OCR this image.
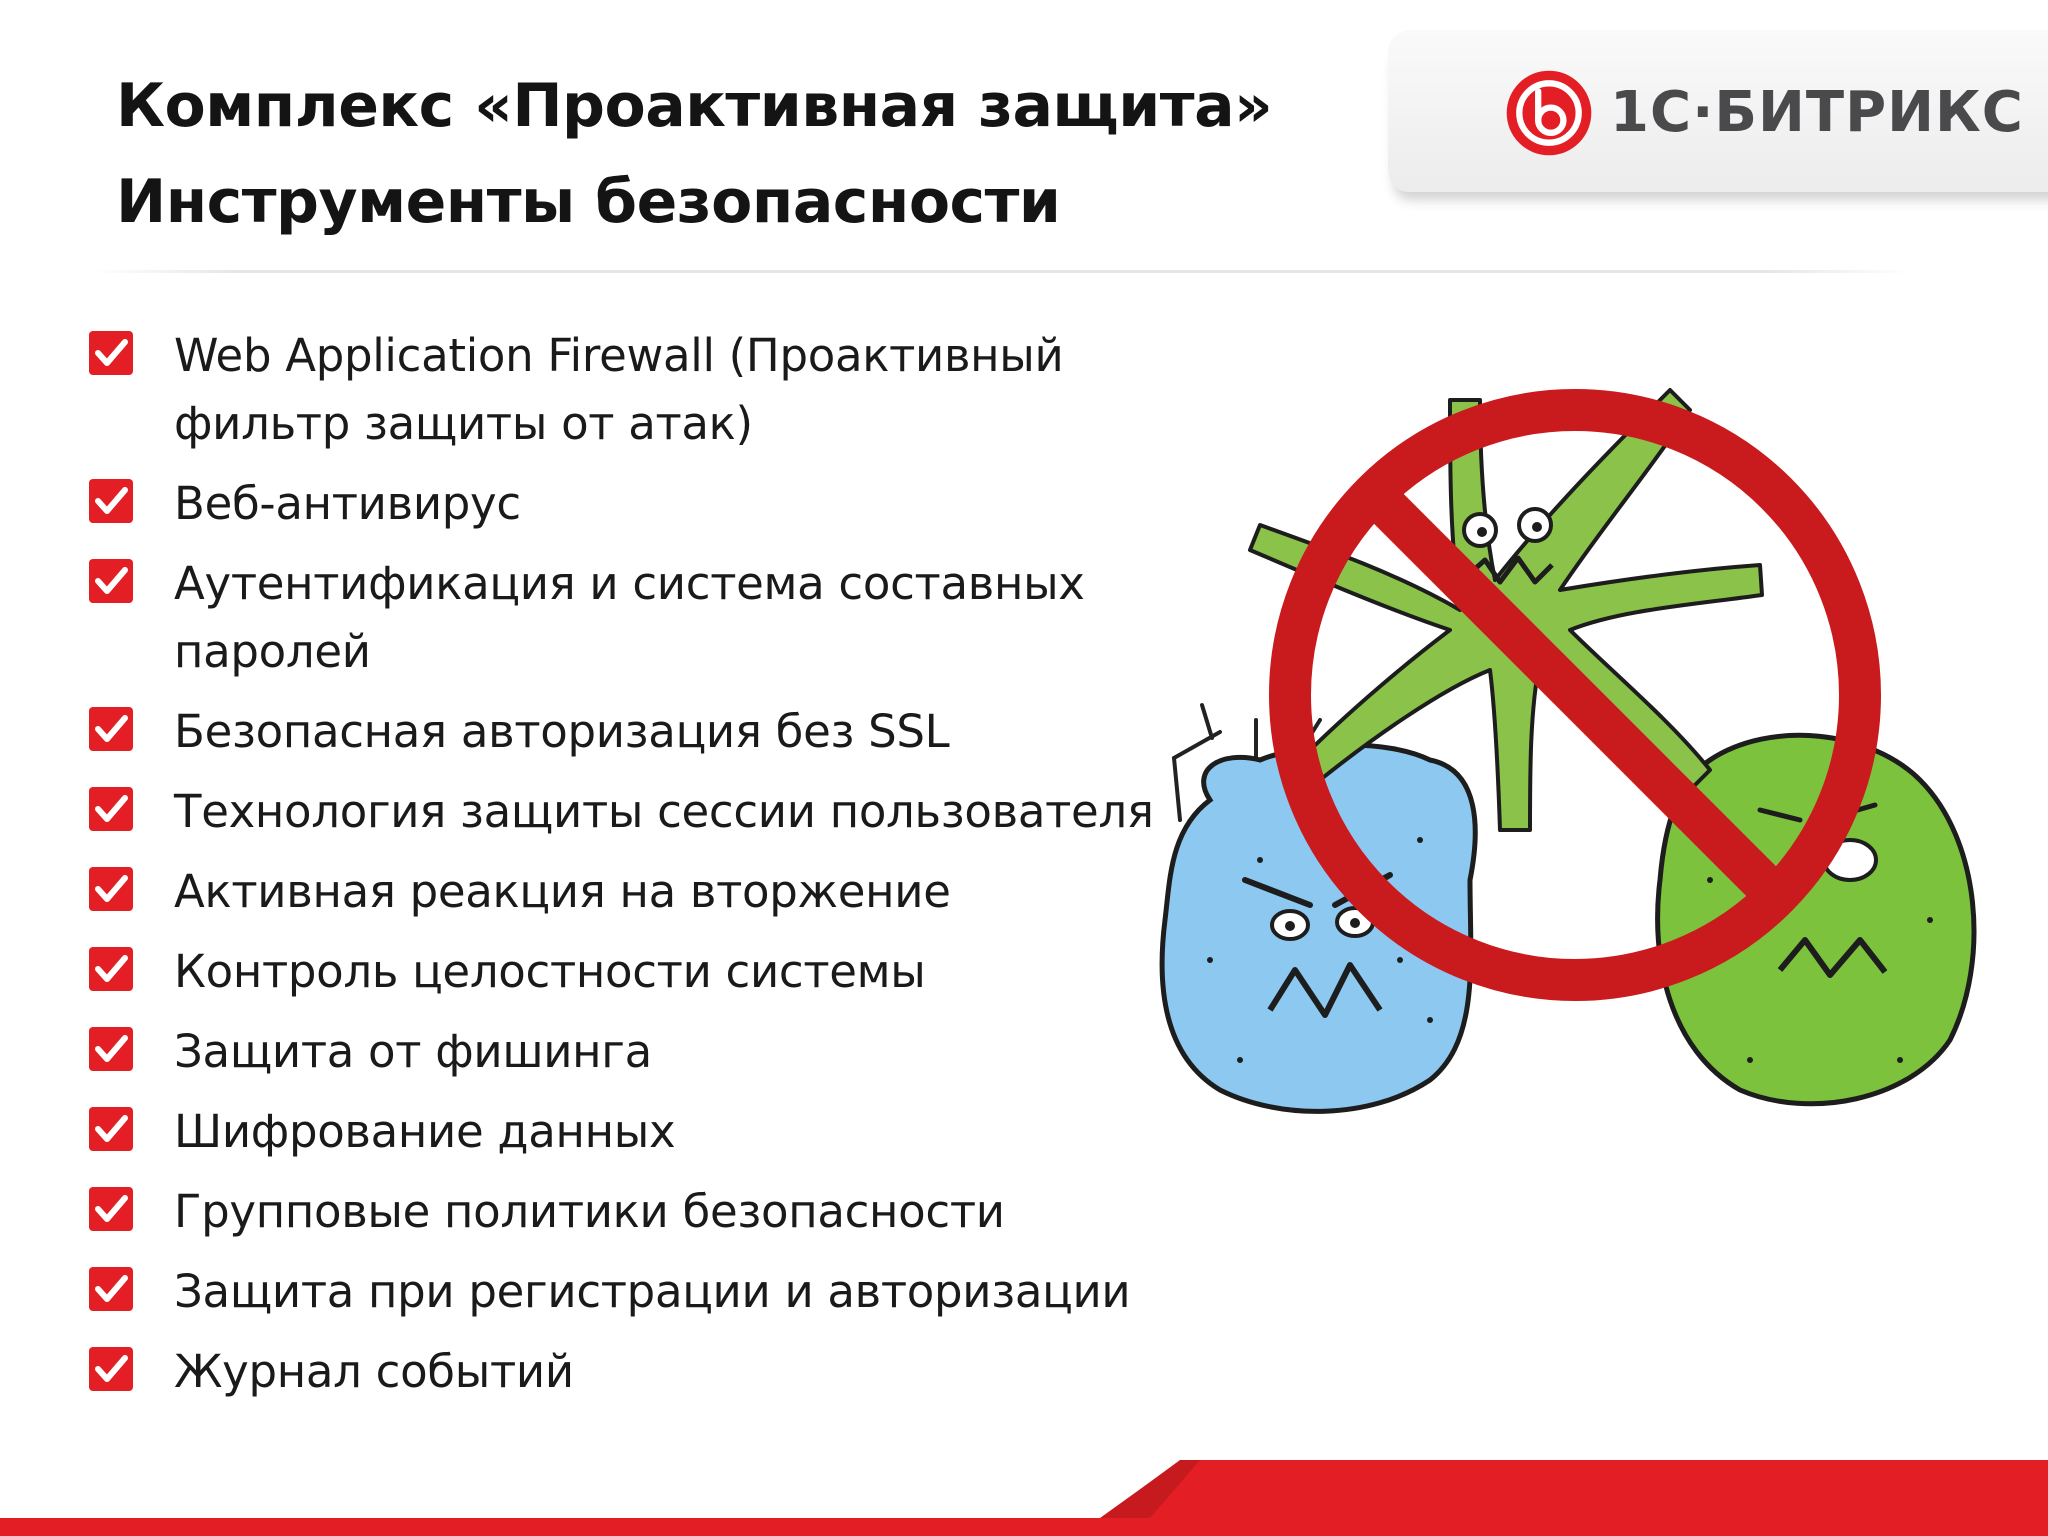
Комплекс «Проактивная защита»
Инструменты безопасности
1С·БИТРИКС
Web Application Firewall (Проактивный фильтр защиты от атак)
Веб-антивирус
Аутентификация и система составных паролей
Безопасная авторизация без SSL
Технология защиты сессии пользователя
Активная реакция на вторжение
Контроль целостности системы
Защита от фишинга
Шифрование данных
Групповые политики безопасности
Защита при регистрации и авторизации
Журнал событий
